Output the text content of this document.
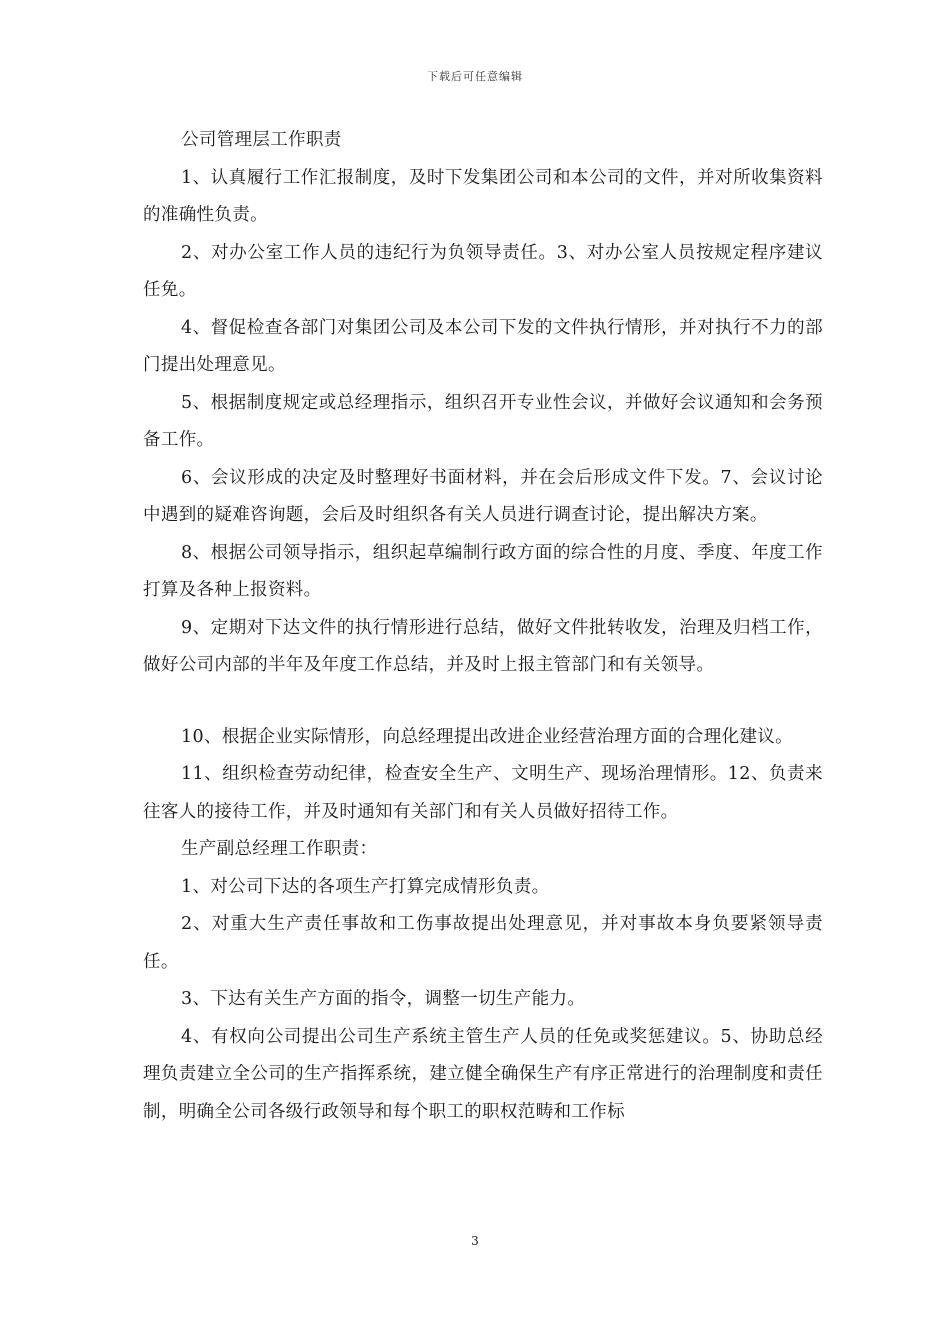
下载后可任意编辑

公司管理层工作职责

1、认真履行工作汇报制度，及时下发集团公司和本公司的文件，并对所收集资料的准确性负责。

2、对办公室工作人员的违纪行为负领导责任。3、对办公室人员按规定程序建议任免。

4、督促检查各部门对集团公司及本公司下发的文件执行情形，并对执行不力的部门提出处理意见。

5、根据制度规定或总经理指示，组织召开专业性会议，并做好会议通知和会务预备工作。

6、会议形成的决定及时整理好书面材料，并在会后形成文件下发。7、会议讨论中遇到的疑难咨询题，会后及时组织各有关人员进行调查讨论，提出解决方案。

8、根据公司领导指示，组织起草编制行政方面的综合性的月度、季度、年度工作打算及各种上报资料。

9、定期对下达文件的执行情形进行总结，做好文件批转收发，治理及归档工作，做好公司内部的半年及年度工作总结，并及时上报主管部门和有关领导。

10、根据企业实际情形，向总经理提出改进企业经营治理方面的合理化建议。

11、组织检查劳动纪律，检查安全生产、文明生产、现场治理情形。12、负责来往客人的接待工作，并及时通知有关部门和有关人员做好招待工作。

生产副总经理工作职责：

1、对公司下达的各项生产打算完成情形负责。

2、对重大生产责任事故和工伤事故提出处理意见，并对事故本身负要紧领导责任。

3、下达有关生产方面的指令，调整一切生产能力。

4、有权向公司提出公司生产系统主管生产人员的任免或奖惩建议。5、协助总经理负责建立全公司的生产指挥系统，建立健全确保生产有序正常进行的治理制度和责任制，明确全公司各级行政领导和每个职工的职权范畴和工作标

3
